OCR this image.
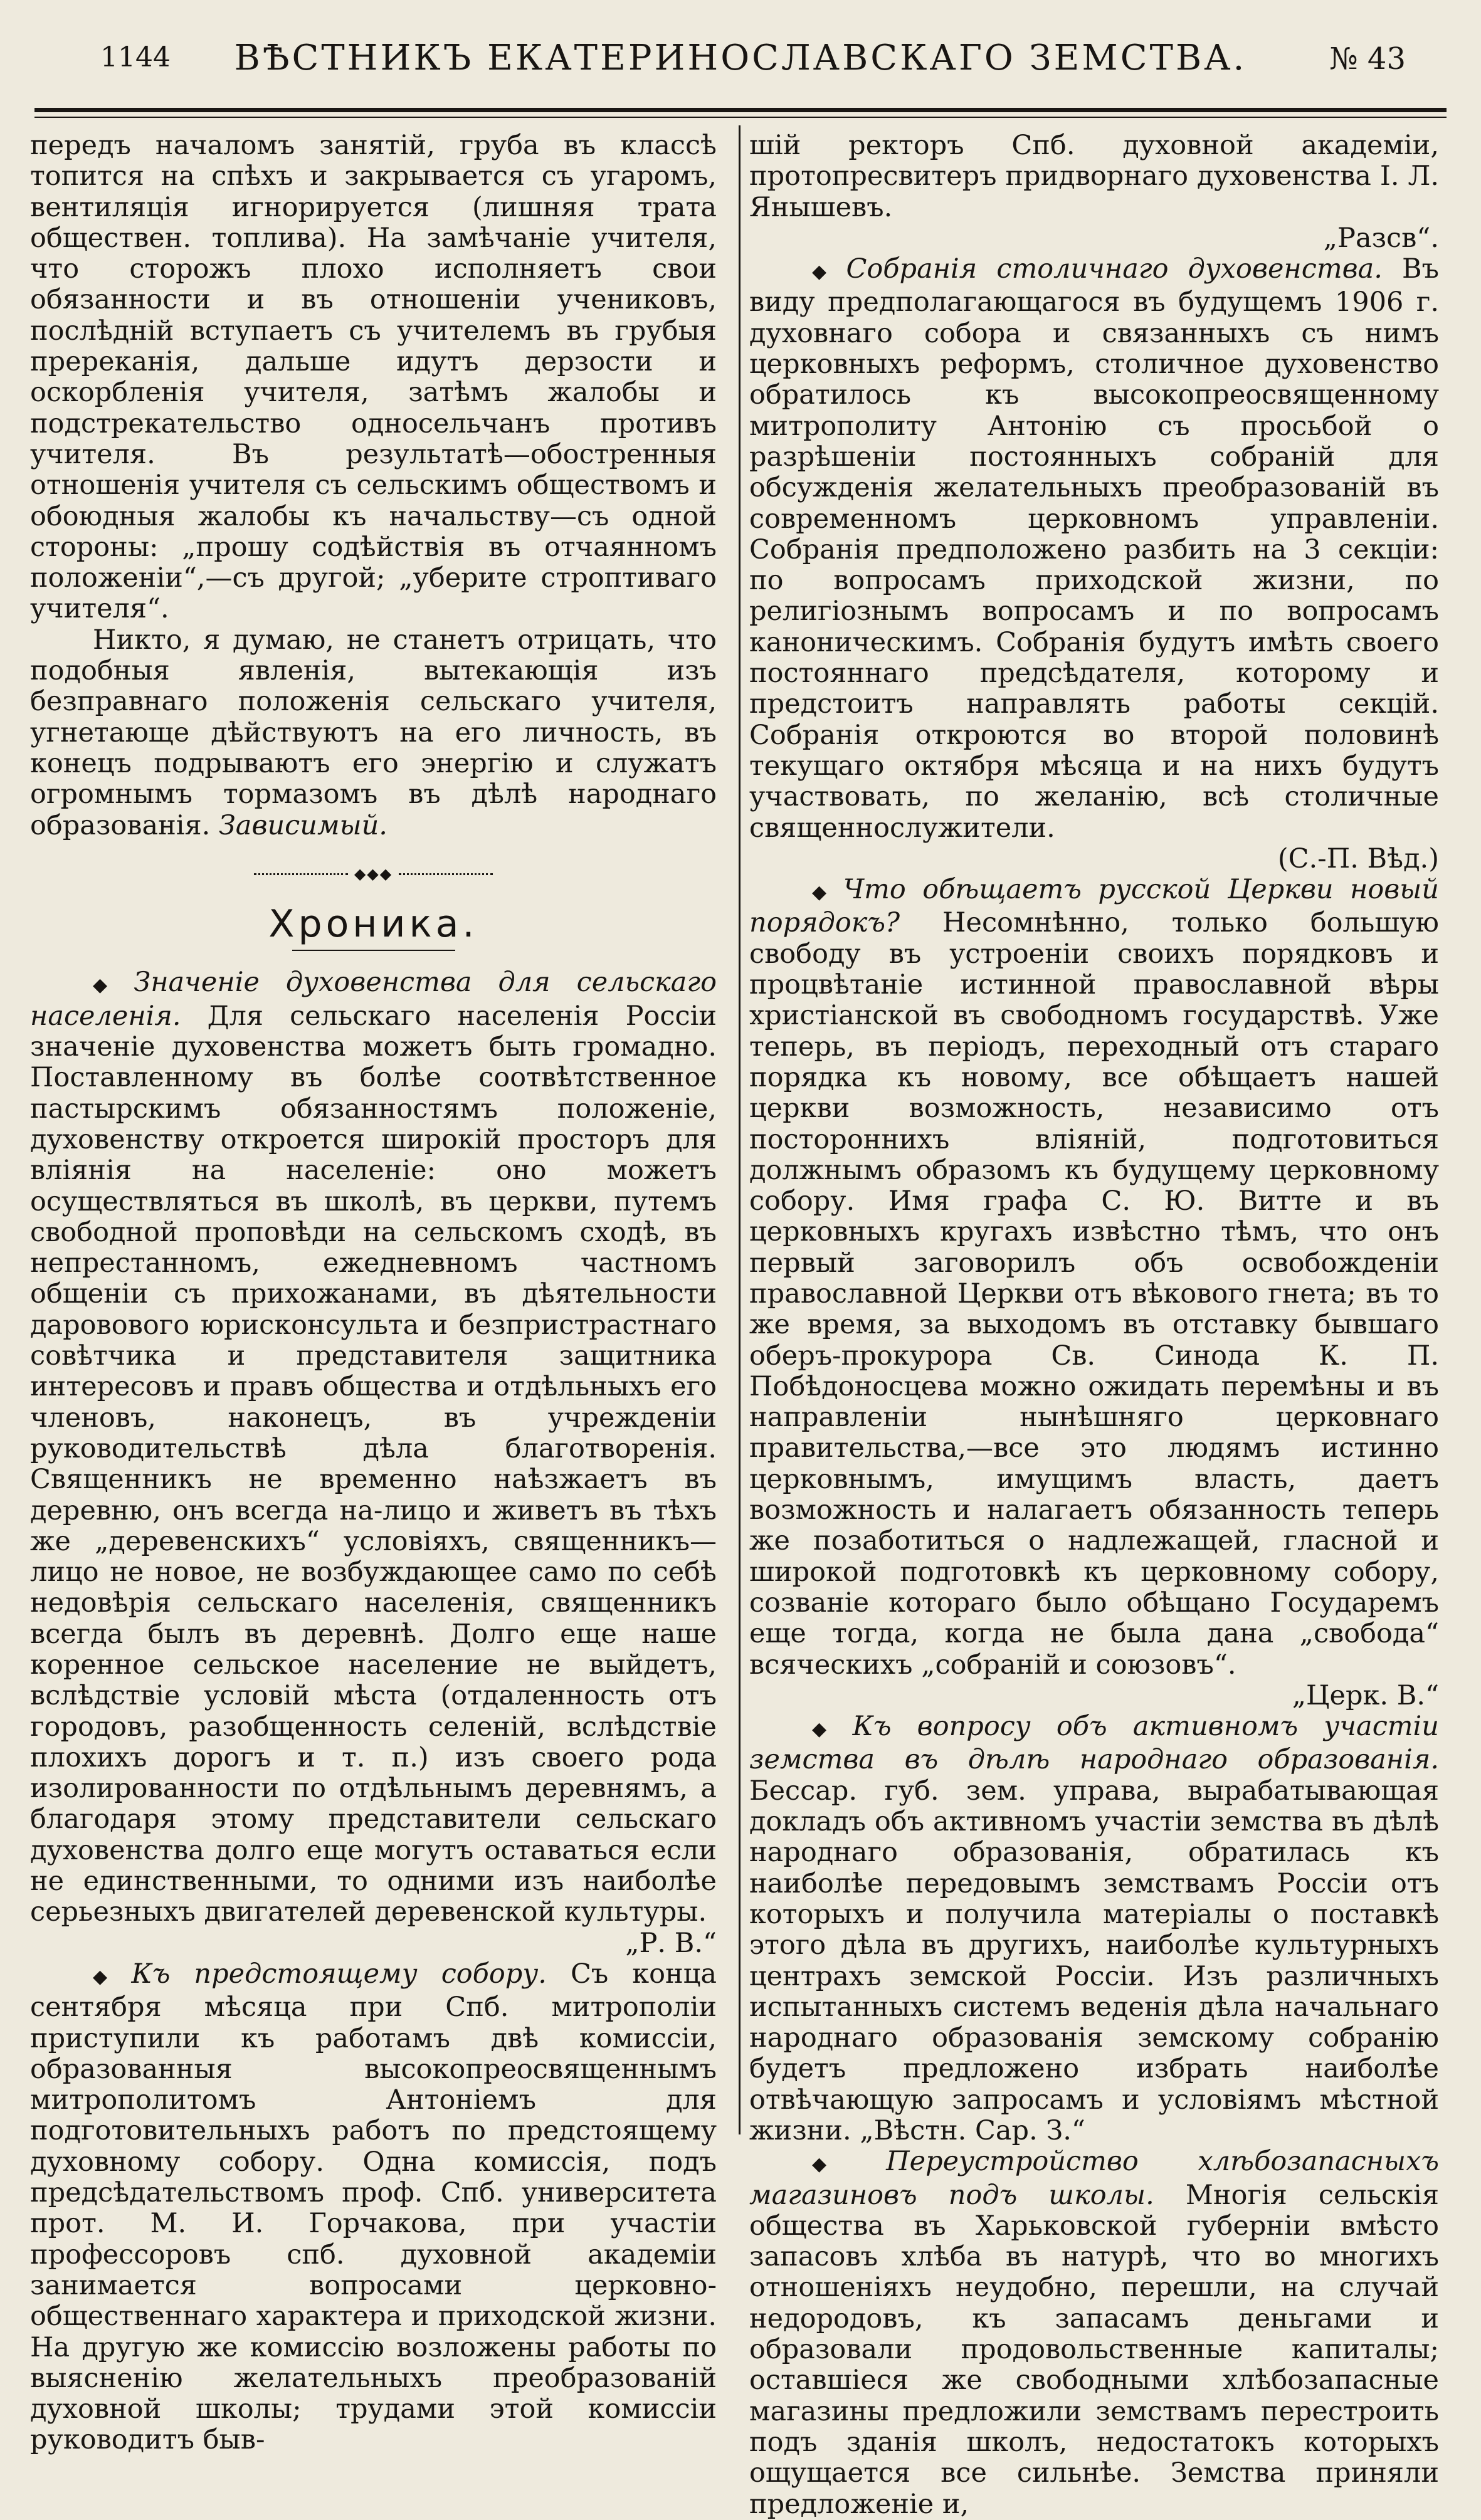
1144	ВѢСТНИКЪ ЕКАТЕРИНОСЛАВСКАГО ЗЕМСТВА.	№ 43

передъ началомъ занятій, груба въ классѣ топится на спѣхъ и закрывается съ угаромъ, вентиляція игнорируется (лишняя трата обществен. топлива). На замѣчаніе учителя, что сторожъ плохо исполняетъ свои обязанности и въ отношеніи учениковъ, послѣдній вступаетъ съ учителемъ въ грубыя пререканія, дальше идутъ дерзости и оскорбленія учителя, затѣмъ жалобы и подстрекательство односельчанъ противъ учителя. Въ результатѣ—обостренныя отношенія учителя съ сельскимъ обществомъ и обоюдныя жалобы къ начальству—съ одной стороны: „прошу содѣйствія въ отчаянномъ положеніи“,—съ другой; „уберите строптиваго учителя“.

Никто, я думаю, не станетъ отрицать, что подобныя явленія, вытекающія изъ безправнаго положенія сельскаго учителя, угнетающе дѣйствуютъ на его личность, въ конецъ подрываютъ его энергію и служатъ огромнымъ тормазомъ въ дѣлѣ народнаго образованія. Зависимый.

◆◆◆
Хроника.

◆ Значеніе духовенства для сельскаго населенія. Для сельскаго населенія Россіи значеніе духовенства можетъ быть громадно. Поставленному въ болѣе соотвѣтственное пастырскимъ обязанностямъ положеніе, духовенству откроется широкій просторъ для вліянія на населеніе: оно можетъ осуществляться въ школѣ, въ церкви, путемъ свободной проповѣди на сельскомъ сходѣ, въ непрестанномъ, ежедневномъ частномъ общеніи съ прихожанами, въ дѣятельности даровового юрисконсульта и безпристрастнаго совѣтчика и представителя защитника интересовъ и правъ общества и отдѣльныхъ его членовъ, наконецъ, въ учрежденіи руководительствѣ дѣла благотворенія. Священникъ не временно наѣзжаетъ въ деревню, онъ всегда на-лицо и живетъ въ тѣхъ же „деревенскихъ“ условіяхъ, священникъ—лицо не новое, не возбуждающее само по себѣ недовѣрія сельскаго населенія, священникъ всегда былъ въ деревнѣ. Долго еще наше коренное сельское население не выйдетъ, вслѣдствіе условій мѣста (отдаленность отъ городовъ, разобщенность селеній, вслѣдствіе плохихъ дорогъ и т. п.) изъ своего рода изолированности по отдѣльнымъ деревнямъ, а благодаря этому представители сельскаго духовенства долго еще могутъ оставаться если не единственными, то одними изъ наиболѣе серьезныхъ двигателей деревенской культуры.

„Р. В.“

◆ Къ предстоящему собору. Съ конца сентября мѣсяца при Спб. митрополіи приступили къ работамъ двѣ комиссіи, образованныя высокопреосвященнымъ митрополитомъ Антоніемъ для подготовительныхъ работъ по предстоящему духовному собору. Одна комиссія, подъ предсѣдательствомъ проф. Спб. университета прот. М. И. Горчакова, при участіи профессоровъ спб. духовной академіи занимается вопросами церковно-общественнаго характера и приходской жизни. На другую же комиссію возложены работы по выясненію желательныхъ преобразованій духовной школы; трудами этой комиссіи руководитъ быв-

шій ректоръ Спб. духовной академіи, протопресвитеръ придворнаго духовенства І. Л. Янышевъ.

„Разсв“.

◆ Собранія столичнаго духовенства. Въ виду предполагающагося въ будущемъ 1906 г. духовнаго собора и связанныхъ съ нимъ церковныхъ реформъ, столичное духовенство обратилось къ высокопреосвященному митрополиту Антонію съ просьбой о разрѣшеніи постоянныхъ собраній для обсужденія желательныхъ преобразованій въ современномъ церковномъ управленіи. Собранія предположено разбить на 3 секціи: по вопросамъ приходской жизни, по религіознымъ вопросамъ и по вопросамъ каноническимъ. Собранія будутъ имѣть своего постояннаго предсѣдателя, которому и предстоитъ направлять работы секцій. Собранія откроются во второй половинѣ текущаго октября мѣсяца и на нихъ будутъ участвовать, по желанію, всѣ столичные священнослужители.

(С.-П. Вѣд.)

◆ Что обѣщаетъ русской Церкви новый порядокъ? Несомнѣнно, только большую свободу въ устроеніи своихъ порядковъ и процвѣтаніе истинной православной вѣры христіанской въ свободномъ государствѣ. Уже теперь, въ періодъ, переходный отъ стараго порядка къ новому, все обѣщаетъ нашей церкви возможность, независимо отъ постороннихъ вліяній, подготовиться должнымъ образомъ къ будущему церковному собору. Имя графа С. Ю. Витте и въ церковныхъ кругахъ извѣстно тѣмъ, что онъ первый заговорилъ объ освобожденіи православной Церкви отъ вѣкового гнета; въ то же время, за выходомъ въ отставку бывшаго оберъ-прокурора Св. Синода К. П. Побѣдоносцева можно ожидать перемѣны и въ направленіи нынѣшняго церковнаго правительства,—все это людямъ истинно церковнымъ, имущимъ власть, даетъ возможность и налагаетъ обязанность теперь же позаботиться о надлежащей, гласной и широкой подготовкѣ къ церковному собору, созваніе котораго было обѣщано Государемъ еще тогда, когда не была дана „свобода“ всяческихъ „собраній и союзовъ“.

„Церк. В.“

◆ Къ вопросу объ активномъ участіи земства въ дѣлѣ народнаго образованія. Бессар. губ. зем. управа, вырабатывающая докладъ объ активномъ участіи земства въ дѣлѣ народнаго образованія, обратилась къ наиболѣе передовымъ земствамъ Россіи отъ которыхъ и получила матеріалы о поставкѣ этого дѣла въ другихъ, наиболѣе культурныхъ центрахъ земской Россіи. Изъ различныхъ испытанныхъ системъ веденія дѣла начальнаго народнаго образованія земскому собранію будетъ предложено избрать наиболѣе отвѣчающую запросамъ и условіямъ мѣстной жизни. „Вѣстн. Сар. З.“

◆ Переустройство хлѣбозапасныхъ магазиновъ подъ школы. Многія сельскія общества въ Харьковской губерніи вмѣсто запасовъ хлѣба въ натурѣ, что во многихъ отношеніяхъ неудобно, перешли, на случай недородовъ, къ запасамъ деньгами и образовали продовольственные капиталы; оставшіеся же свободными хлѣбозапасные магазины предложили земствамъ перестроить подъ зданія школъ, недостатокъ которыхъ ощущается все сильнѣе. Земства приняли предложеніе и,
